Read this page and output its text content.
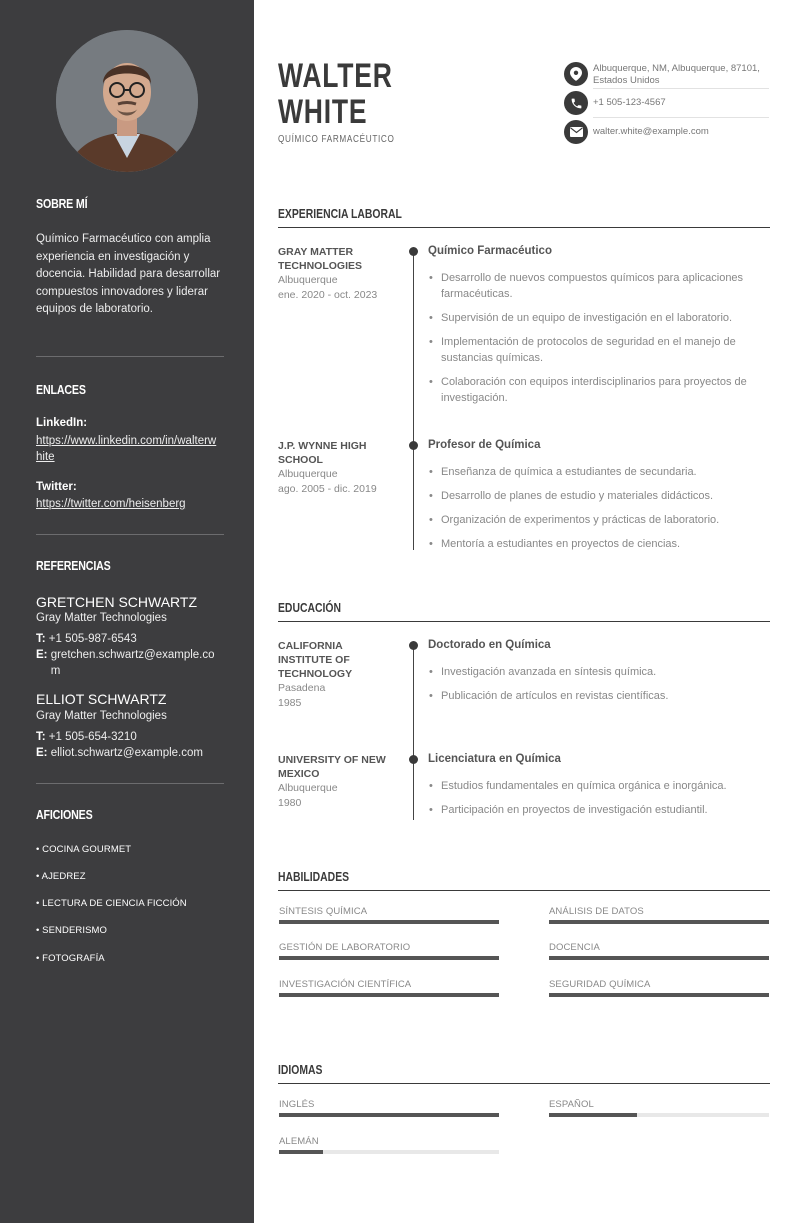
SOBRE MÍ
Químico Farmacéutico con amplia experiencia en investigación y docencia. Habilidad para desarrollar compuestos innovadores y liderar equipos de laboratorio.
ENLACES
LinkedIn:
https://www.linkedin.com/in/walterwhite
Twitter:
https://twitter.com/heisenberg
REFERENCIAS
GRETCHEN SCHWARTZ
Gray Matter Technologies
T: +1 505-987-6543
E: gretchen.schwartz@example.com
ELLIOT SCHWARTZ
Gray Matter Technologies
T: +1 505-654-3210
E: elliot.schwartz@example.com
AFICIONES
• COCINA GOURMET
• AJEDREZ
• LECTURA DE CIENCIA FICCIÓN
• SENDERISMO
• FOTOGRAFÍA
WALTER
WHITE
QUÍMICO FARMACÉUTICO
Albuquerque, NM, Albuquerque, 87101, Estados Unidos
+1 505-123-4567
walter.white@example.com
EXPERIENCIA LABORAL
GRAY MATTER TECHNOLOGIES
Albuquerque
ene. 2020 - oct. 2023
Químico Farmacéutico
• Desarrollo de nuevos compuestos químicos para aplicaciones farmacéuticas.
• Supervisión de un equipo de investigación en el laboratorio.
• Implementación de protocolos de seguridad en el manejo de sustancias químicas.
• Colaboración con equipos interdisciplinarios para proyectos de investigación.
J.P. WYNNE HIGH SCHOOL
Albuquerque
ago. 2005 - dic. 2019
Profesor de Química
• Enseñanza de química a estudiantes de secundaria.
• Desarrollo de planes de estudio y materiales didácticos.
• Organización de experimentos y prácticas de laboratorio.
• Mentoría a estudiantes en proyectos de ciencias.
EDUCACIÓN
CALIFORNIA INSTITUTE OF TECHNOLOGY
Pasadena
1985
Doctorado en Química
• Investigación avanzada en síntesis química.
• Publicación de artículos en revistas científicas.
UNIVERSITY OF NEW MEXICO
Albuquerque
1980
Licenciatura en Química
• Estudios fundamentales en química orgánica e inorgánica.
• Participación en proyectos de investigación estudiantil.
HABILIDADES
SÍNTESIS QUÍMICA	ANÁLISIS DE DATOS
GESTIÓN DE LABORATORIO	DOCENCIA
INVESTIGACIÓN CIENTÍFICA	SEGURIDAD QUÍMICA
IDIOMAS
INGLÉS	ESPAÑOL
ALEMÁN
